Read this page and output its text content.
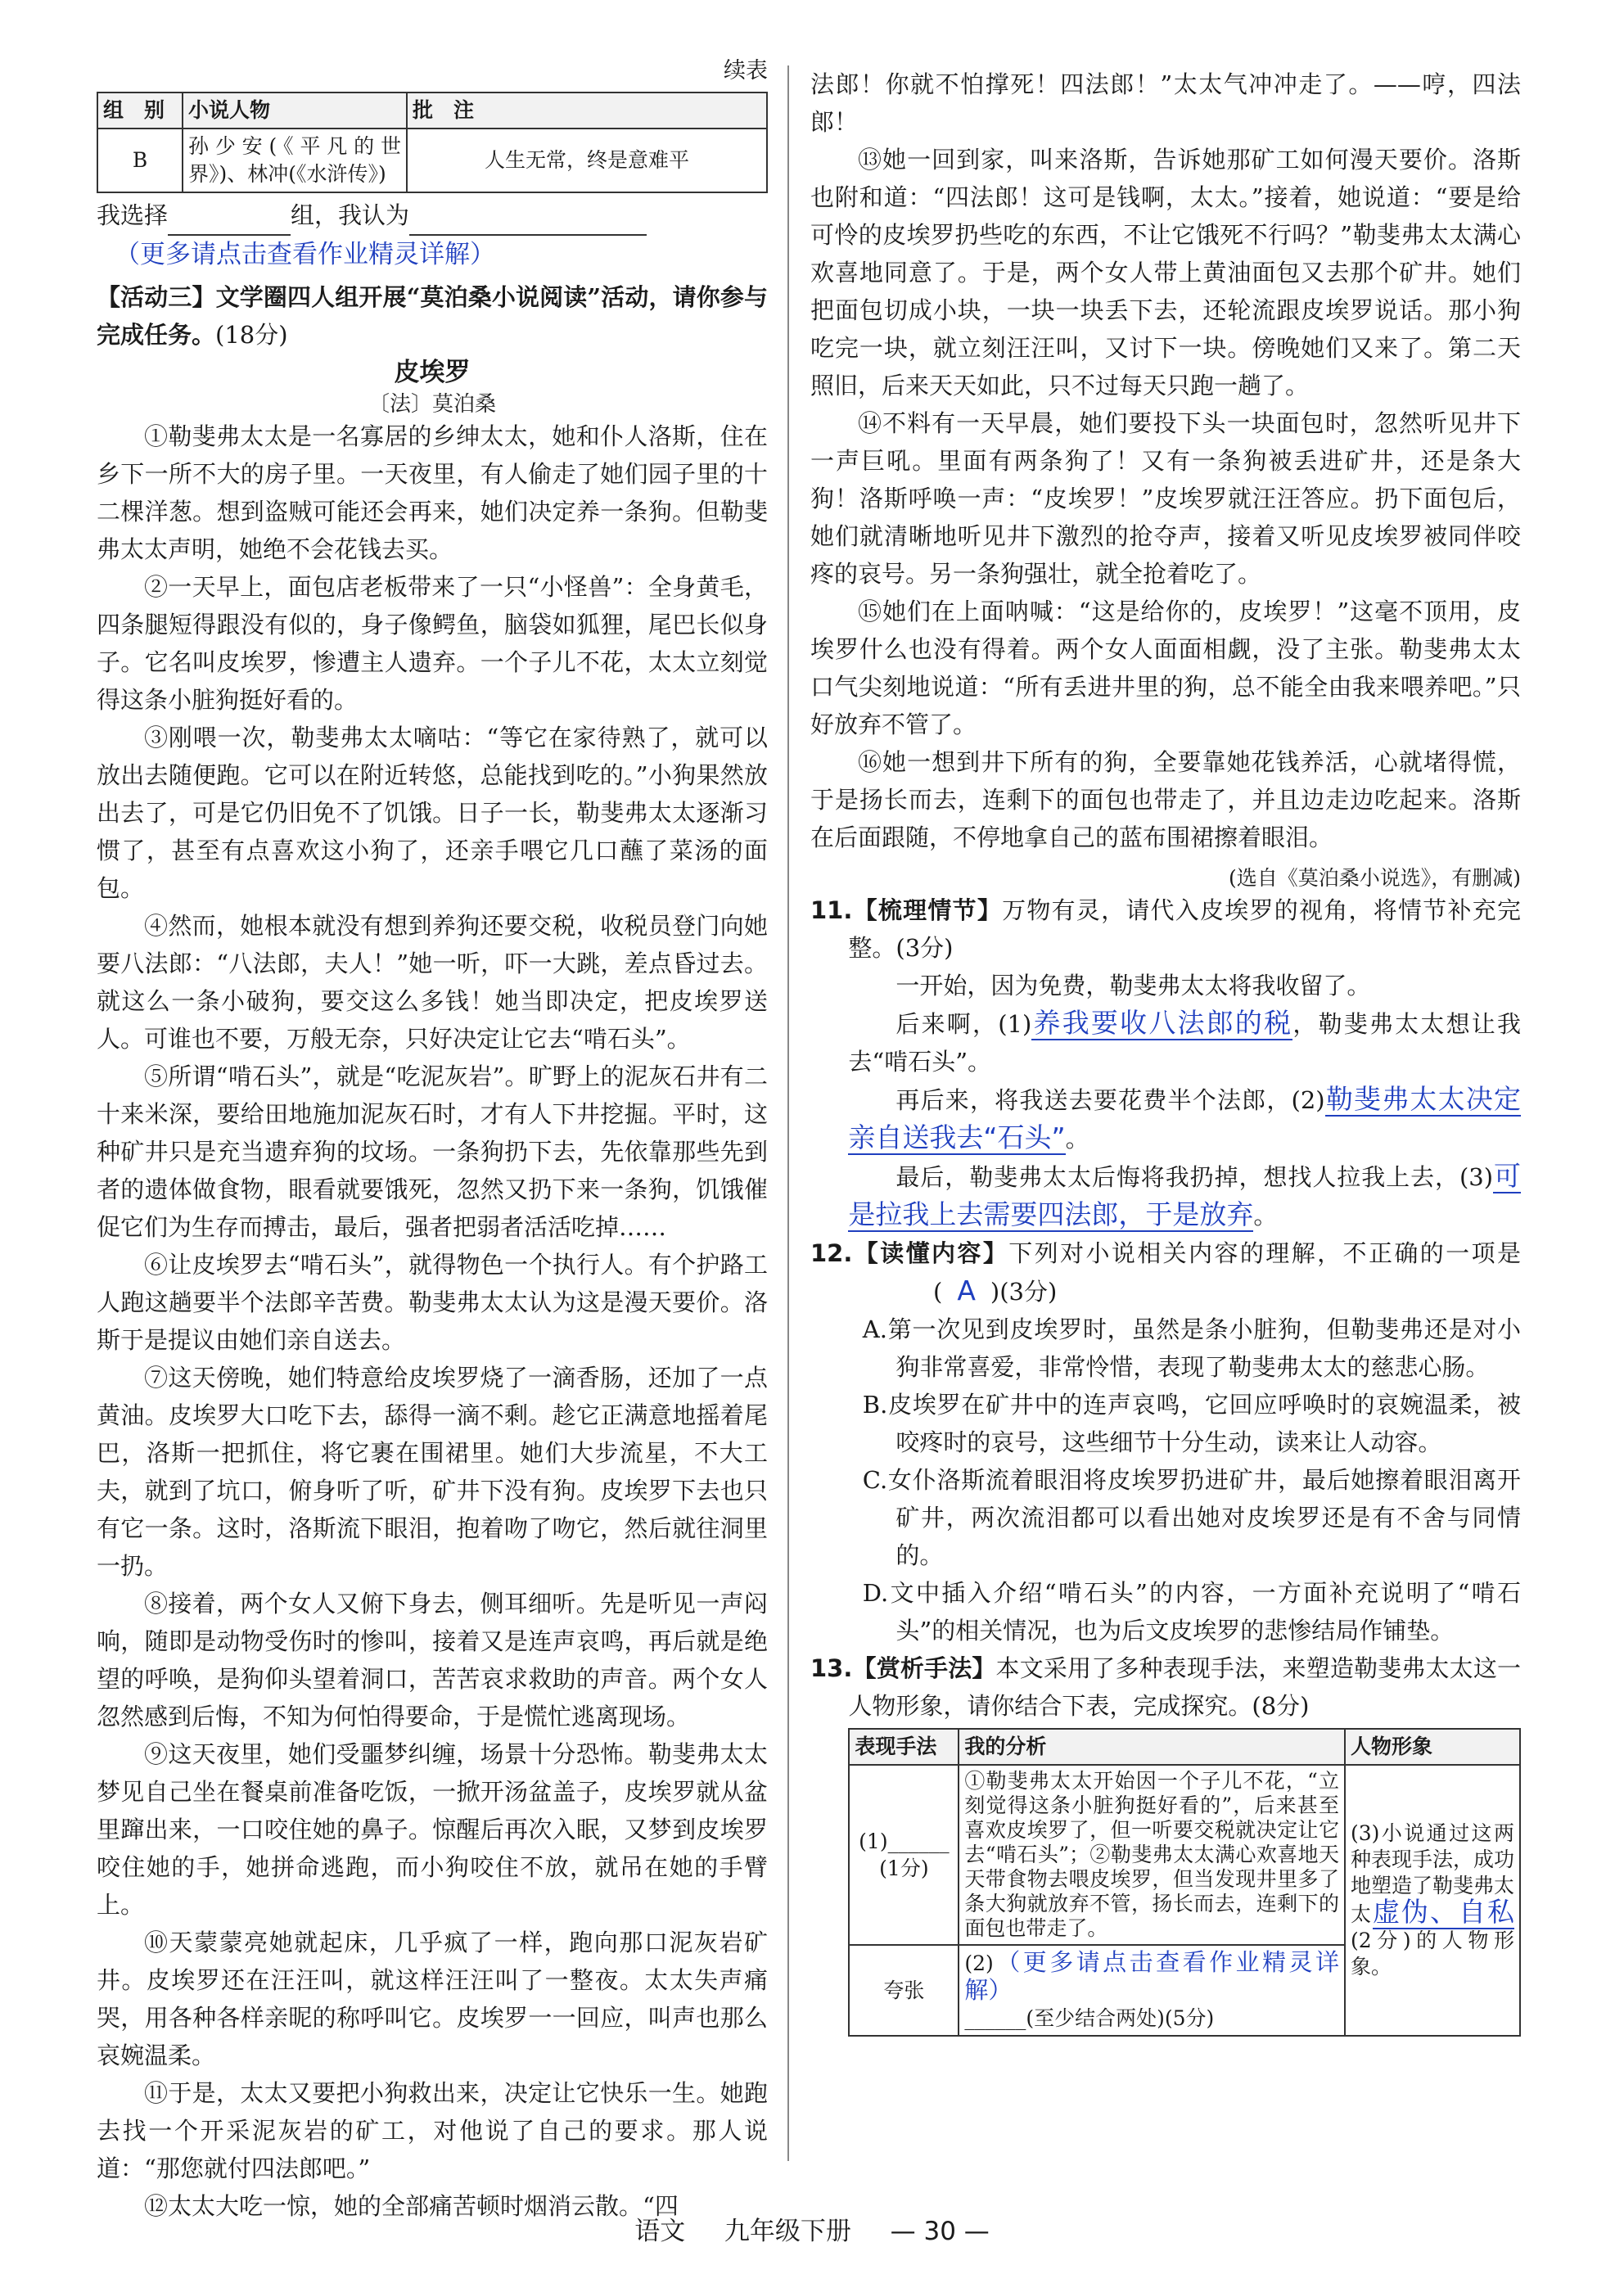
续表

组　别	小说人物	批　注
B	孙少安(《平凡的世界》)、林冲(《水浒传》)	人生无常，终是意难平

我选择	组，我认为

（更多请点击查看作业精灵详解）

【活动三】文学圈四人组开展“莫泊桑小说阅读”活动，请你参与完成任务。(18分)

皮埃罗

〔法〕莫泊桑

①勒斐弗太太是一名寡居的乡绅太太，她和仆人洛斯，住在乡下一所不大的房子里。一天夜里，有人偷走了她们园子里的十二棵洋葱。想到盗贼可能还会再来，她们决定养一条狗。但勒斐弗太太声明，她绝不会花钱去买。

②一天早上，面包店老板带来了一只“小怪兽”：全身黄毛，四条腿短得跟没有似的，身子像鳄鱼，脑袋如狐狸，尾巴长似身子。它名叫皮埃罗，惨遭主人遗弃。一个子儿不花，太太立刻觉得这条小脏狗挺好看的。

③刚喂一次，勒斐弗太太嘀咕：“等它在家待熟了，就可以放出去随便跑。它可以在附近转悠，总能找到吃的。”小狗果然放出去了，可是它仍旧免不了饥饿。日子一长，勒斐弗太太逐渐习惯了，甚至有点喜欢这小狗了，还亲手喂它几口蘸了菜汤的面包。

④然而，她根本就没有想到养狗还要交税，收税员登门向她要八法郎：“八法郎，夫人！”她一听，吓一大跳，差点昏过去。就这么一条小破狗，要交这么多钱！她当即决定，把皮埃罗送人。可谁也不要，万般无奈，只好决定让它去“啃石头”。

⑤所谓“啃石头”，就是“吃泥灰岩”。旷野上的泥灰石井有二十来米深，要给田地施加泥灰石时，才有人下井挖掘。平时，这种矿井只是充当遗弃狗的坟场。一条狗扔下去，先依靠那些先到者的遗体做食物，眼看就要饿死，忽然又扔下来一条狗，饥饿催促它们为生存而搏击，最后，强者把弱者活活吃掉……

⑥让皮埃罗去“啃石头”，就得物色一个执行人。有个护路工人跑这趟要半个法郎辛苦费。勒斐弗太太认为这是漫天要价。洛斯于是提议由她们亲自送去。

⑦这天傍晚，她们特意给皮埃罗烧了一滴香肠，还加了一点黄油。皮埃罗大口吃下去，舔得一滴不剩。趁它正满意地摇着尾巴，洛斯一把抓住，将它裹在围裙里。她们大步流星，不大工夫，就到了坑口，俯身听了听，矿井下没有狗。皮埃罗下去也只有它一条。这时，洛斯流下眼泪，抱着吻了吻它，然后就往洞里一扔。

⑧接着，两个女人又俯下身去，侧耳细听。先是听见一声闷响，随即是动物受伤时的惨叫，接着又是连声哀鸣，再后就是绝望的呼唤，是狗仰头望着洞口，苦苦哀求救助的声音。两个女人忽然感到后悔，不知为何怕得要命，于是慌忙逃离现场。

⑨这天夜里，她们受噩梦纠缠，场景十分恐怖。勒斐弗太太梦见自己坐在餐桌前准备吃饭，一掀开汤盆盖子，皮埃罗就从盆里蹿出来，一口咬住她的鼻子。惊醒后再次入眠，又梦到皮埃罗咬住她的手，她拼命逃跑，而小狗咬住不放，就吊在她的手臂上。

⑩天蒙蒙亮她就起床，几乎疯了一样，跑向那口泥灰岩矿井。皮埃罗还在汪汪叫，就这样汪汪叫了一整夜。太太失声痛哭，用各种各样亲昵的称呼叫它。皮埃罗一一回应，叫声也那么哀婉温柔。

⑪于是，太太又要把小狗救出来，决定让它快乐一生。她跑去找一个开采泥灰岩的矿工，对他说了自己的要求。那人说道：“那您就付四法郎吧。”

⑫太太大吃一惊，她的全部痛苦顿时烟消云散。“四

法郎！你就不怕撑死！四法郎！”太太气冲冲走了。——哼，四法郎！

⑬她一回到家，叫来洛斯，告诉她那矿工如何漫天要价。洛斯也附和道：“四法郎！这可是钱啊，太太。”接着，她说道：“要是给可怜的皮埃罗扔些吃的东西，不让它饿死不行吗？”勒斐弗太太满心欢喜地同意了。于是，两个女人带上黄油面包又去那个矿井。她们把面包切成小块，一块一块丢下去，还轮流跟皮埃罗说话。那小狗吃完一块，就立刻汪汪叫，又讨下一块。傍晚她们又来了。第二天照旧，后来天天如此，只不过每天只跑一趟了。

⑭不料有一天早晨，她们要投下头一块面包时，忽然听见井下一声巨吼。里面有两条狗了！又有一条狗被丢进矿井，还是条大狗！洛斯呼唤一声：“皮埃罗！”皮埃罗就汪汪答应。扔下面包后，她们就清晰地听见井下激烈的抢夺声，接着又听见皮埃罗被同伴咬疼的哀号。另一条狗强壮，就全抢着吃了。

⑮她们在上面呐喊：“这是给你的，皮埃罗！”这毫不顶用，皮埃罗什么也没有得着。两个女人面面相觑，没了主张。勒斐弗太太口气尖刻地说道：“所有丢进井里的狗，总不能全由我来喂养吧。”只好放弃不管了。

⑯她一想到井下所有的狗，全要靠她花钱养活，心就堵得慌，于是扬长而去，连剩下的面包也带走了，并且边走边吃起来。洛斯在后面跟随，不停地拿自己的蓝布围裙擦着眼泪。

(选自《莫泊桑小说选》，有删减)

11.【梳理情节】万物有灵，请代入皮埃罗的视角，将情节补充完整。(3分)

一开始，因为免费，勒斐弗太太将我收留了。

后来啊，(1)养我要收八法郎的税，勒斐弗太太想让我去“啃石头”。

再后来，将我送去要花费半个法郎，(2)勒斐弗太太决定亲自送我去“石头”。

最后，勒斐弗太太后悔将我扔掉，想找人拉我上去，(3)可是拉我上去需要四法郎，于是放弃。

12.【读懂内容】下列对小说相关内容的理解，不正确的一项是 ( A )(3分)

A.第一次见到皮埃罗时，虽然是条小脏狗，但勒斐弗还是对小狗非常喜爱，非常怜惜，表现了勒斐弗太太的慈悲心肠。

B.皮埃罗在矿井中的连声哀鸣，它回应呼唤时的哀婉温柔，被咬疼时的哀号，这些细节十分生动，读来让人动容。

C.女仆洛斯流着眼泪将皮埃罗扔进矿井，最后她擦着眼泪离开矿井，两次流泪都可以看出她对皮埃罗还是有不舍与同情的。

D.文中插入介绍“啃石头”的内容，一方面补充说明了“啃石头”的相关情况，也为后文皮埃罗的悲惨结局作铺垫。

13.【赏析手法】本文采用了多种表现手法，来塑造勒斐弗太太这一人物形象，请你结合下表，完成探究。(8分)

表现手法	我的分析	人物形象

(1)______
(1分)	①勒斐弗太太开始因一个子儿不花，“立刻觉得这条小脏狗挺好看的”，后来甚至喜欢皮埃罗了，但一听要交税就决定让它去“啃石头”；②勒斐弗太太满心欢喜地天天带食物去喂皮埃罗，但当发现井里多了条大狗就放弃不管，扬长而去，连剩下的面包也带走了。	(3)小说通过这两种表现手法，成功地塑造了勒斐弗太太虚伪、自私(2分)的人物形象。
夸张	(2)（更多请点击查看作业精灵详解）
______(至少结合两处)(5分)	
语文 九年级下册 — 30 —
